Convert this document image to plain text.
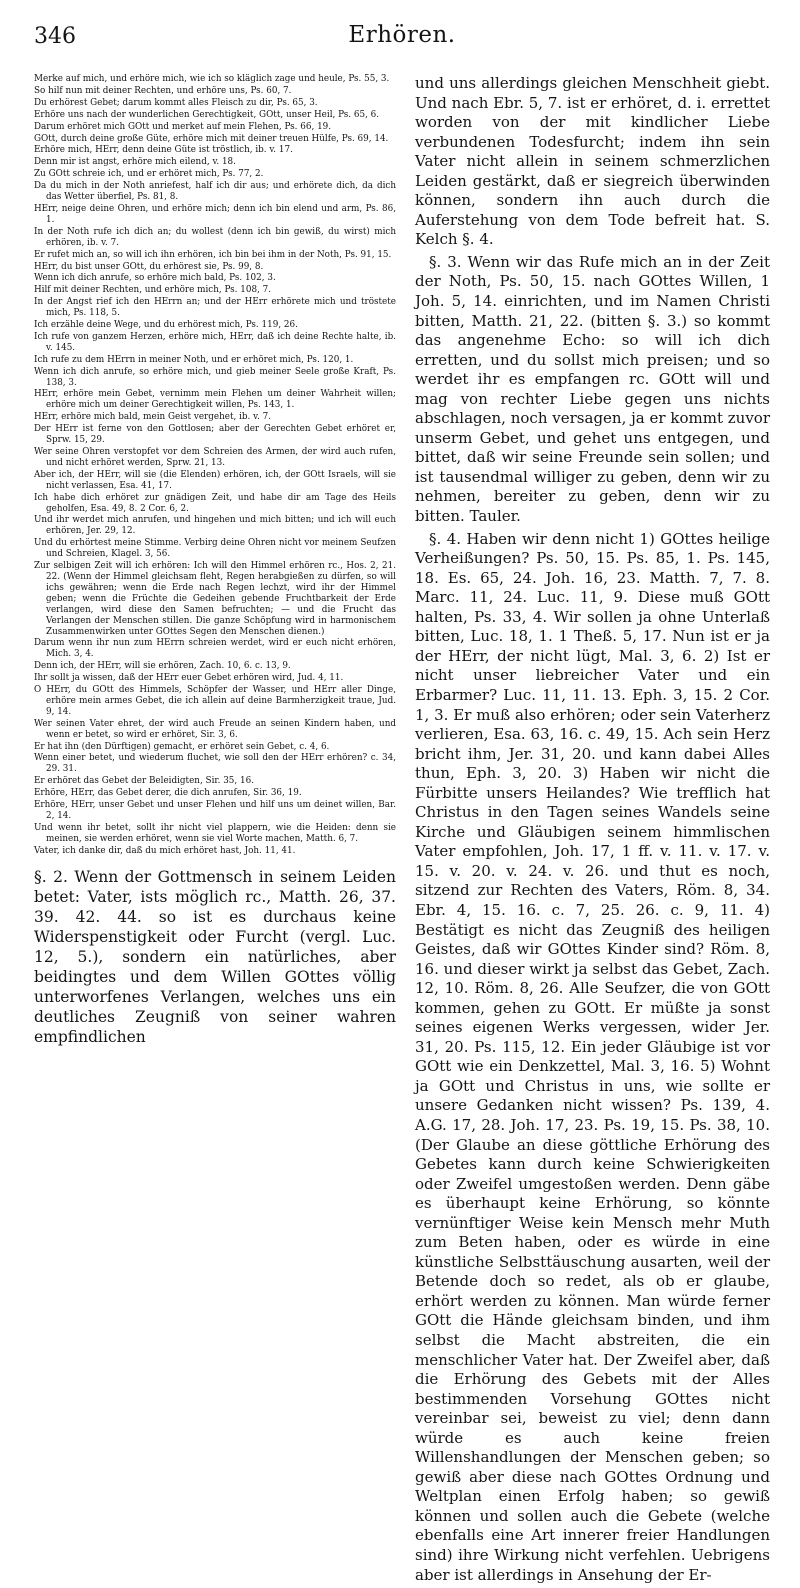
346	Erhören.

Merke auf mich, und erhöre mich, wie ich so kläglich zage und heule, Ps. 55, 3.

So hilf nun mit deiner Rechten, und erhöre uns, Ps. 60, 7.

Du erhörest Gebet; darum kommt alles Fleisch zu dir, Ps. 65, 3.

Erhöre uns nach der wunderlichen Gerechtigkeit, GOtt, unser Heil, Ps. 65, 6.

Darum erhöret mich GOtt und merket auf mein Flehen, Ps. 66, 19.

GOtt, durch deine große Güte, erhöre mich mit deiner treuen Hülfe, Ps. 69, 14.

Erhöre mich, HErr, denn deine Güte ist tröstlich, ib. v. 17.

Denn mir ist angst, erhöre mich eilend, v. 18.

Zu GOtt schreie ich, und er erhöret mich, Ps. 77, 2.

Da du mich in der Noth anriefest, half ich dir aus; und erhörete dich, da dich das Wetter überfiel, Ps. 81, 8.

HErr, neige deine Ohren, und erhöre mich; denn ich bin elend und arm, Ps. 86, 1.

In der Noth rufe ich dich an; du wollest (denn ich bin gewiß, du wirst) mich erhören, ib. v. 7.

Er rufet mich an, so will ich ihn erhören, ich bin bei ihm in der Noth, Ps. 91, 15.

HErr, du bist unser GOtt, du erhörest sie, Ps. 99, 8.

Wenn ich dich anrufe, so erhöre mich bald, Ps. 102, 3.

Hilf mit deiner Rechten, und erhöre mich, Ps. 108, 7.

In der Angst rief ich den HErrn an; und der HErr erhörete mich und tröstete mich, Ps. 118, 5.

Ich erzähle deine Wege, und du erhörest mich, Ps. 119, 26.

Ich rufe von ganzem Herzen, erhöre mich, HErr, daß ich deine Rechte halte, ib. v. 145.

Ich rufe zu dem HErrn in meiner Noth, und er erhöret mich, Ps. 120, 1.

Wenn ich dich anrufe, so erhöre mich, und gieb meiner Seele große Kraft, Ps. 138, 3.

HErr, erhöre mein Gebet, vernimm mein Flehen um deiner Wahrheit willen; erhöre mich um deiner Gerechtigkeit willen, Ps. 143, 1.

HErr, erhöre mich bald, mein Geist vergehet, ib. v. 7.

Der HErr ist ferne von den Gottlosen; aber der Gerechten Gebet erhöret er, Sprw. 15, 29.

Wer seine Ohren verstopfet vor dem Schreien des Armen, der wird auch rufen, und nicht erhöret werden, Sprw. 21, 13.

Aber ich, der HErr, will sie (die Elenden) erhören, ich, der GOtt Israels, will sie nicht verlassen, Esa. 41, 17.

Ich habe dich erhöret zur gnädigen Zeit, und habe dir am Tage des Heils geholfen, Esa. 49, 8. 2 Cor. 6, 2.

Und ihr werdet mich anrufen, und hingehen und mich bitten; und ich will euch erhören, Jer. 29, 12.

Und du erhörtest meine Stimme. Verbirg deine Ohren nicht vor meinem Seufzen und Schreien, Klagel. 3, 56.

Zur selbigen Zeit will ich erhören: Ich will den Himmel erhören rc., Hos. 2, 21. 22. (Wenn der Himmel gleichsam fleht, Regen herabgießen zu dürfen, so will ichs gewähren; wenn die Erde nach Regen lechzt, wird ihr der Himmel geben; wenn die Früchte die Gedeihen gebende Fruchtbarkeit der Erde verlangen, wird diese den Samen befruchten; — und die Frucht das Verlangen der Menschen stillen. Die ganze Schöpfung wird in harmonischem Zusammenwirken unter GOttes Segen den Menschen dienen.)

Darum wenn ihr nun zum HErrn schreien werdet, wird er euch nicht erhören, Mich. 3, 4.

Denn ich, der HErr, will sie erhören, Zach. 10, 6. c. 13, 9.

Ihr sollt ja wissen, daß der HErr euer Gebet erhören wird, Jud. 4, 11.

O HErr, du GOtt des Himmels, Schöpfer der Wasser, und HErr aller Dinge, erhöre mein armes Gebet, die ich allein auf deine Barmherzigkeit traue, Jud. 9, 14.

Wer seinen Vater ehret, der wird auch Freude an seinen Kindern haben, und wenn er betet, so wird er erhöret, Sir. 3, 6.

Er hat ihn (den Dürftigen) gemacht, er erhöret sein Gebet, c. 4, 6.

Wenn einer betet, und wiederum fluchet, wie soll den der HErr erhören? c. 34, 29. 31.

Er erhöret das Gebet der Beleidigten, Sir. 35, 16.

Erhöre, HErr, das Gebet derer, die dich anrufen, Sir. 36, 19.

Erhöre, HErr, unser Gebet und unser Flehen und hilf uns um deinet willen, Bar. 2, 14.

Und wenn ihr betet, sollt ihr nicht viel plappern, wie die Heiden: denn sie meinen, sie werden erhöret, wenn sie viel Worte machen, Matth. 6, 7.

Vater, ich danke dir, daß du mich erhöret hast, Joh. 11, 41.

§. 2. Wenn der Gottmensch in seinem Leiden betet: Vater, ists möglich rc., Matth. 26, 37. 39. 42. 44. so ist es durchaus keine Widerspenstigkeit oder Furcht (vergl. Luc. 12, 5.), sondern ein natürliches, aber beidingtes und dem Willen GOttes völlig unterworfenes Verlangen, welches uns ein deutliches Zeugniß von seiner wahren empfindlichen

und uns allerdings gleichen Menschheit giebt. Und nach Ebr. 5, 7. ist er erhöret, d. i. errettet worden von der mit kindlicher Liebe verbundenen Todesfurcht; indem ihn sein Vater nicht allein in seinem schmerzlichen Leiden gestärkt, daß er siegreich überwinden können, sondern ihn auch durch die Auferstehung von dem Tode befreit hat. S. Kelch §. 4.

§. 3. Wenn wir das Rufe mich an in der Zeit der Noth, Ps. 50, 15. nach GOttes Willen, 1 Joh. 5, 14. einrichten, und im Namen Christi bitten, Matth. 21, 22. (bitten §. 3.) so kommt das angenehme Echo: so will ich dich erretten, und du sollst mich preisen; und so werdet ihr es empfangen rc. GOtt will und mag von rechter Liebe gegen uns nichts abschlagen, noch versagen, ja er kommt zuvor unserm Gebet, und gehet uns entgegen, und bittet, daß wir seine Freunde sein sollen; und ist tausendmal williger zu geben, denn wir zu nehmen, bereiter zu geben, denn wir zu bitten. Tauler.

§. 4. Haben wir denn nicht 1) GOttes heilige Verheißungen? Ps. 50, 15. Ps. 85, 1. Ps. 145, 18. Es. 65, 24. Joh. 16, 23. Matth. 7, 7. 8. Marc. 11, 24. Luc. 11, 9. Diese muß GOtt halten, Ps. 33, 4. Wir sollen ja ohne Unterlaß bitten, Luc. 18, 1. 1 Theß. 5, 17. Nun ist er ja der HErr, der nicht lügt, Mal. 3, 6. 2) Ist er nicht unser liebreicher Vater und ein Erbarmer? Luc. 11, 11. 13. Eph. 3, 15. 2 Cor. 1, 3. Er muß also erhören; oder sein Vaterherz verlieren, Esa. 63, 16. c. 49, 15. Ach sein Herz bricht ihm, Jer. 31, 20. und kann dabei Alles thun, Eph. 3, 20. 3) Haben wir nicht die Fürbitte unsers Heilandes? Wie trefflich hat Christus in den Tagen seines Wandels seine Kirche und Gläubigen seinem himmlischen Vater empfohlen, Joh. 17, 1 ff. v. 11. v. 17. v. 15. v. 20. v. 24. v. 26. und thut es noch, sitzend zur Rechten des Vaters, Röm. 8, 34. Ebr. 4, 15. 16. c. 7, 25. 26. c. 9, 11. 4) Bestätigt es nicht das Zeugniß des heiligen Geistes, daß wir GOttes Kinder sind? Röm. 8, 16. und dieser wirkt ja selbst das Gebet, Zach. 12, 10. Röm. 8, 26. Alle Seufzer, die von GOtt kommen, gehen zu GOtt. Er müßte ja sonst seines eigenen Werks vergessen, wider Jer. 31, 20. Ps. 115, 12. Ein jeder Gläubige ist vor GOtt wie ein Denkzettel, Mal. 3, 16. 5) Wohnt ja GOtt und Christus in uns, wie sollte er unsere Gedanken nicht wissen? Ps. 139, 4. A.G. 17, 28. Joh. 17, 23. Ps. 19, 15. Ps. 38, 10. (Der Glaube an diese göttliche Erhörung des Gebetes kann durch keine Schwierigkeiten oder Zweifel umgestoßen werden. Denn gäbe es überhaupt keine Erhörung, so könnte vernünftiger Weise kein Mensch mehr Muth zum Beten haben, oder es würde in eine künstliche Selbsttäuschung ausarten, weil der Betende doch so redet, als ob er glaube, erhört werden zu können. Man würde ferner GOtt die Hände gleichsam binden, und ihm selbst die Macht abstreiten, die ein menschlicher Vater hat. Der Zweifel aber, daß die Erhörung des Gebets mit der Alles bestimmenden Vorsehung GOttes nicht vereinbar sei, beweist zu viel; denn dann würde es auch keine freien Willenshandlungen der Menschen geben; so gewiß aber diese nach GOttes Ordnung und Weltplan einen Erfolg haben; so gewiß können und sollen auch die Gebete (welche ebenfalls eine Art innerer freier Handlungen sind) ihre Wirkung nicht verfehlen. Uebrigens aber ist allerdings in Ansehung der Er-
